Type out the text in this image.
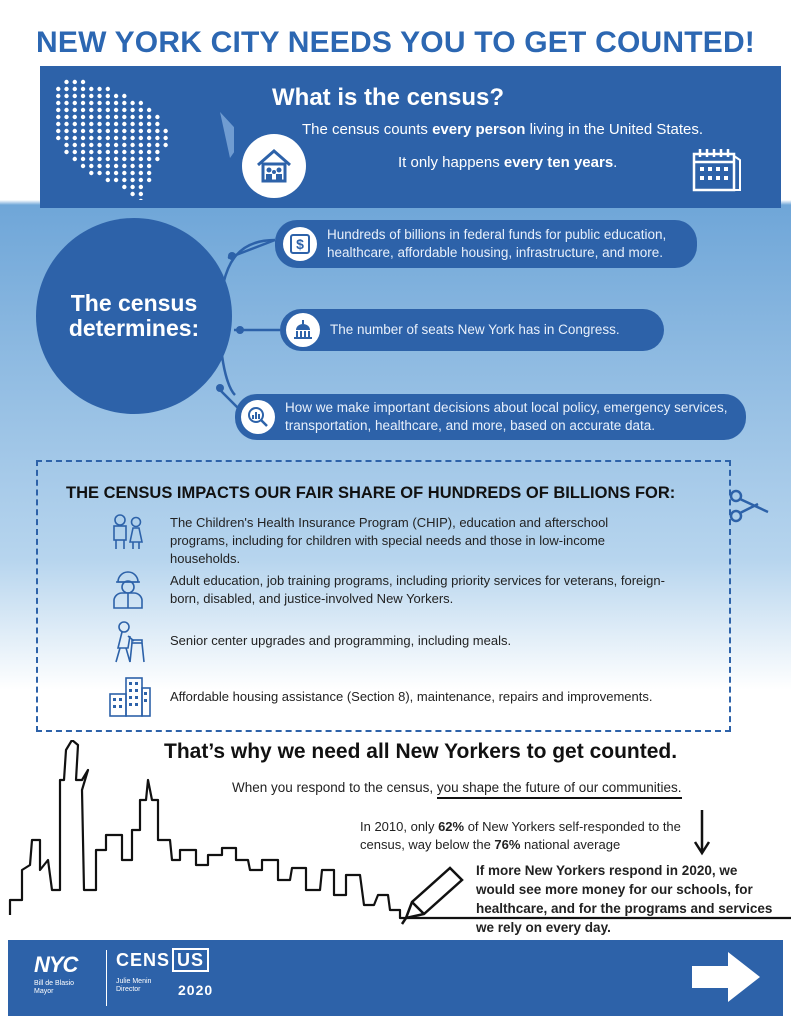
NEW YORK CITY NEEDS YOU TO GET COUNTED!
What is the census?
The census counts every person living in the United States.
It only happens every ten years.
The census
determines:
$
Hundreds of billions in federal funds for public education, healthcare, affordable housing, infrastructure, and more.
The number of seats New York has in Congress.
How we make important decisions about local policy, emergency services, transportation, healthcare, and more, based on accurate data.
THE CENSUS IMPACTS OUR FAIR SHARE OF HUNDREDS OF BILLIONS FOR:
The Children's Health Insurance Program (CHIP), education and afterschool programs, including for children with special needs and those in low-income households.
Adult education, job training programs, including priority services for veterans, foreign-born, disabled, and justice-involved New Yorkers.
Senior center upgrades and programming, including meals.
Affordable housing assistance (Section 8), maintenance, repairs and improvements.
That’s why we need all New Yorkers to get counted.
When you respond to the census, you shape the future of our communities.
In 2010, only 62% of New Yorkers self-responded to the census, way below the 76% national average
If more New Yorkers respond in 2020, we would see more money for our schools, for healthcare, and for the programs and services we rely on every day.
NYC
Bill de Blasio Mayor
CENS US
Julie Menin Director	2020
